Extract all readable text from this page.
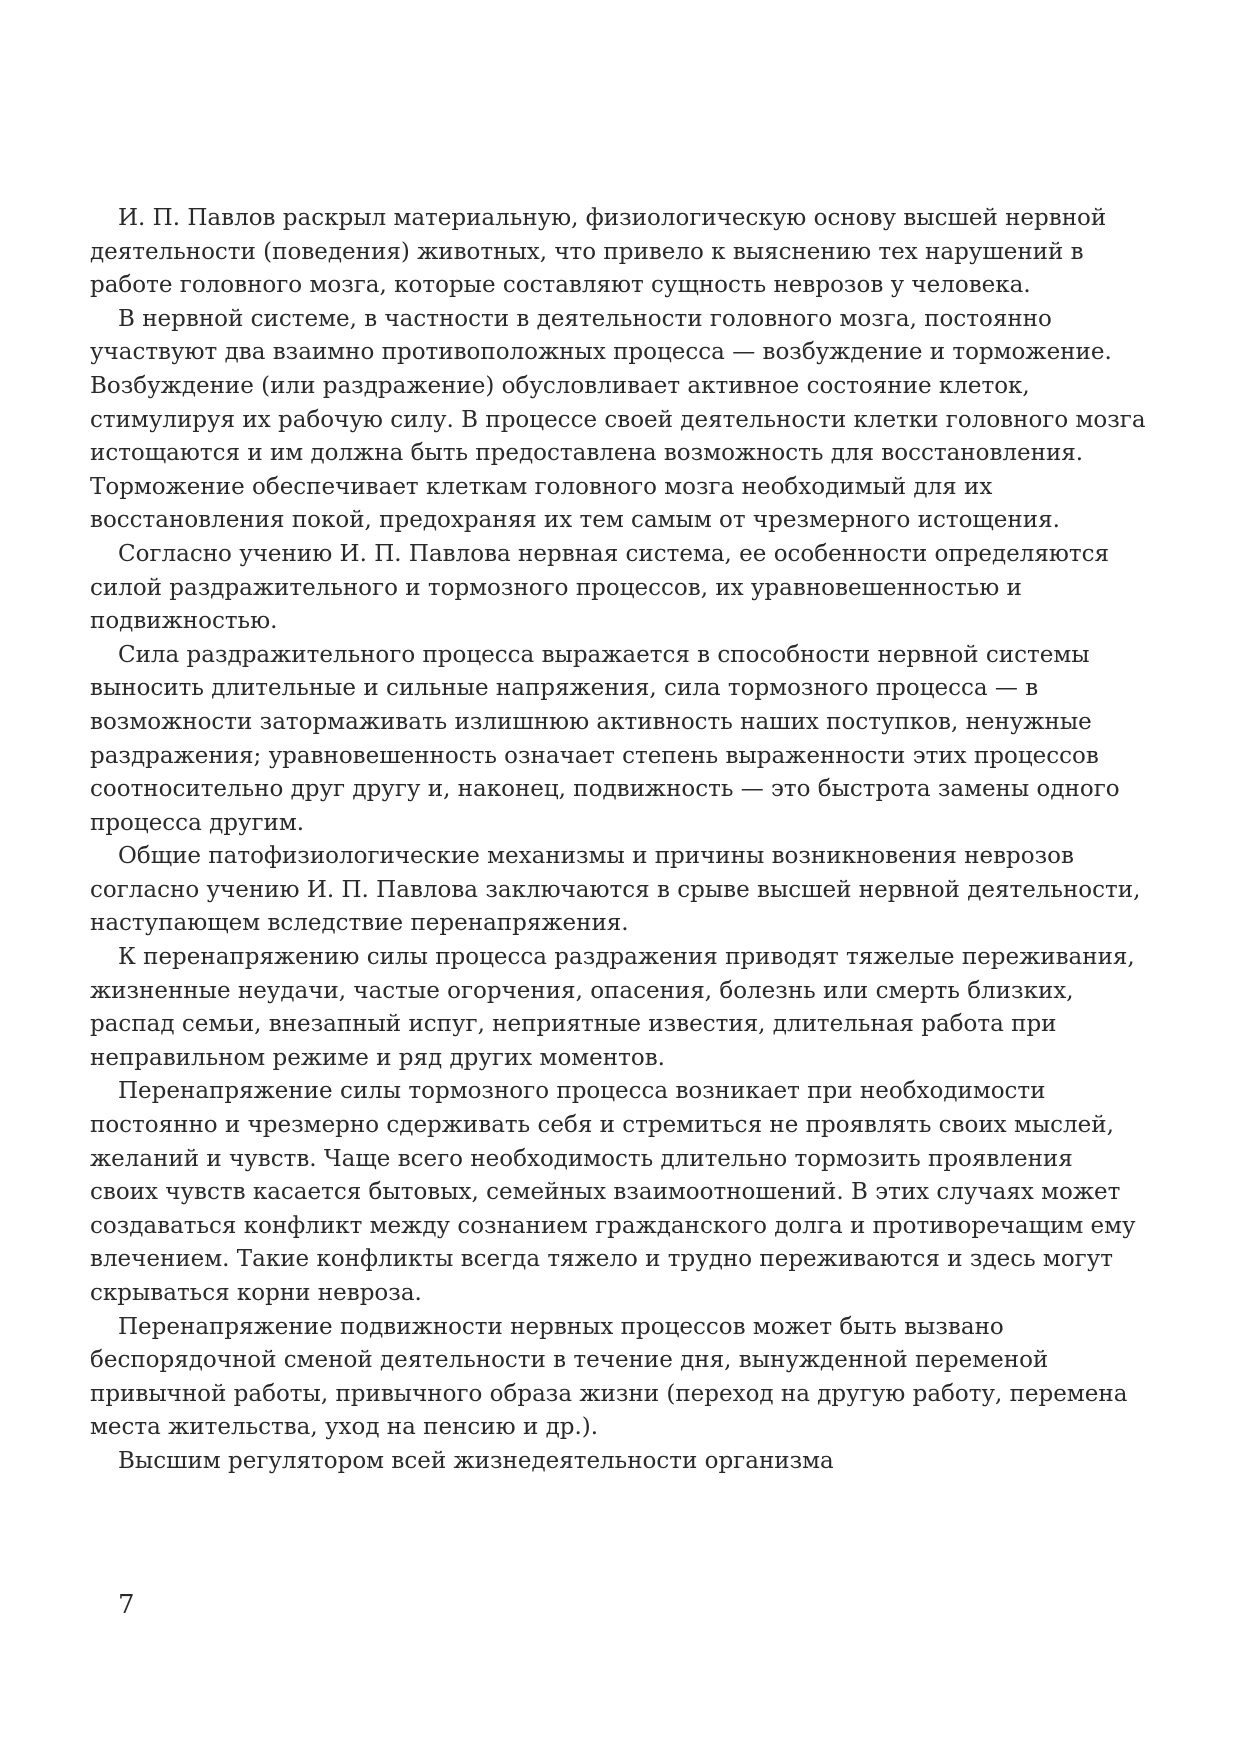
И. П. Павлов раскрыл материальную, физиологическую основу высшей нервной деятельности (поведения) животных, что привело к выяснению тех нарушений в работе головного мозга, которые составляют сущность неврозов у человека.

В нервной системе, в частности в деятельности головного мозга, постоянно участвуют два взаимно противоположных процесса — возбуждение и торможение. Возбуждение (или раздражение) обусловливает активное состояние клеток, стимулируя их рабочую силу. В процессе своей деятельности клетки головного мозга истощаются и им должна быть предоставлена возможность для восстановления. Торможение обеспечивает клеткам головного мозга необходимый для их восстановления покой, предохраняя их тем самым от чрезмерного истощения.

Согласно учению И. П. Павлова нервная система, ее особенности определяются силой раздражительного и тормозного процессов, их уравновешенностью и подвижностью.

Сила раздражительного процесса выражается в способности нервной системы выносить длительные и сильные напряжения, сила тормозного процесса — в возможности затормаживать излишнюю активность наших поступков, ненужные раздражения; уравновешенность означает степень выраженности этих процессов соотносительно друг другу и, наконец, подвижность — это быстрота замены одного процесса другим.

Общие патофизиологические механизмы и причины возникновения неврозов согласно учению И. П. Павлова заключаются в срыве высшей нервной деятельности, наступающем вследствие перенапряжения.

К перенапряжению силы процесса раздражения приводят тяжелые переживания, жизненные неудачи, частые огорчения, опасения, болезнь или смерть близких, распад семьи, внезапный испуг, неприятные известия, длительная работа при неправильном режиме и ряд других моментов.

Перенапряжение силы тормозного процесса возникает при необходимости постоянно и чрезмерно сдерживать себя и стремиться не проявлять своих мыслей, желаний и чувств. Чаще всего необходимость длительно тормозить проявления своих чувств касается бытовых, семейных взаимоотношений. В этих случаях может создаваться конфликт между сознанием гражданского долга и противоречащим ему влечением. Такие конфликты всегда тяжело и трудно переживаются и здесь могут скрываться корни невроза.

Перенапряжение подвижности нервных процессов может быть вызвано беспорядочной сменой деятельности в течение дня, вынужденной переменой привычной работы, привычного образа жизни (переход на другую работу, перемена места жительства, уход на пенсию и др.).

Высшим регулятором всей жизнедеятельности организма

7
